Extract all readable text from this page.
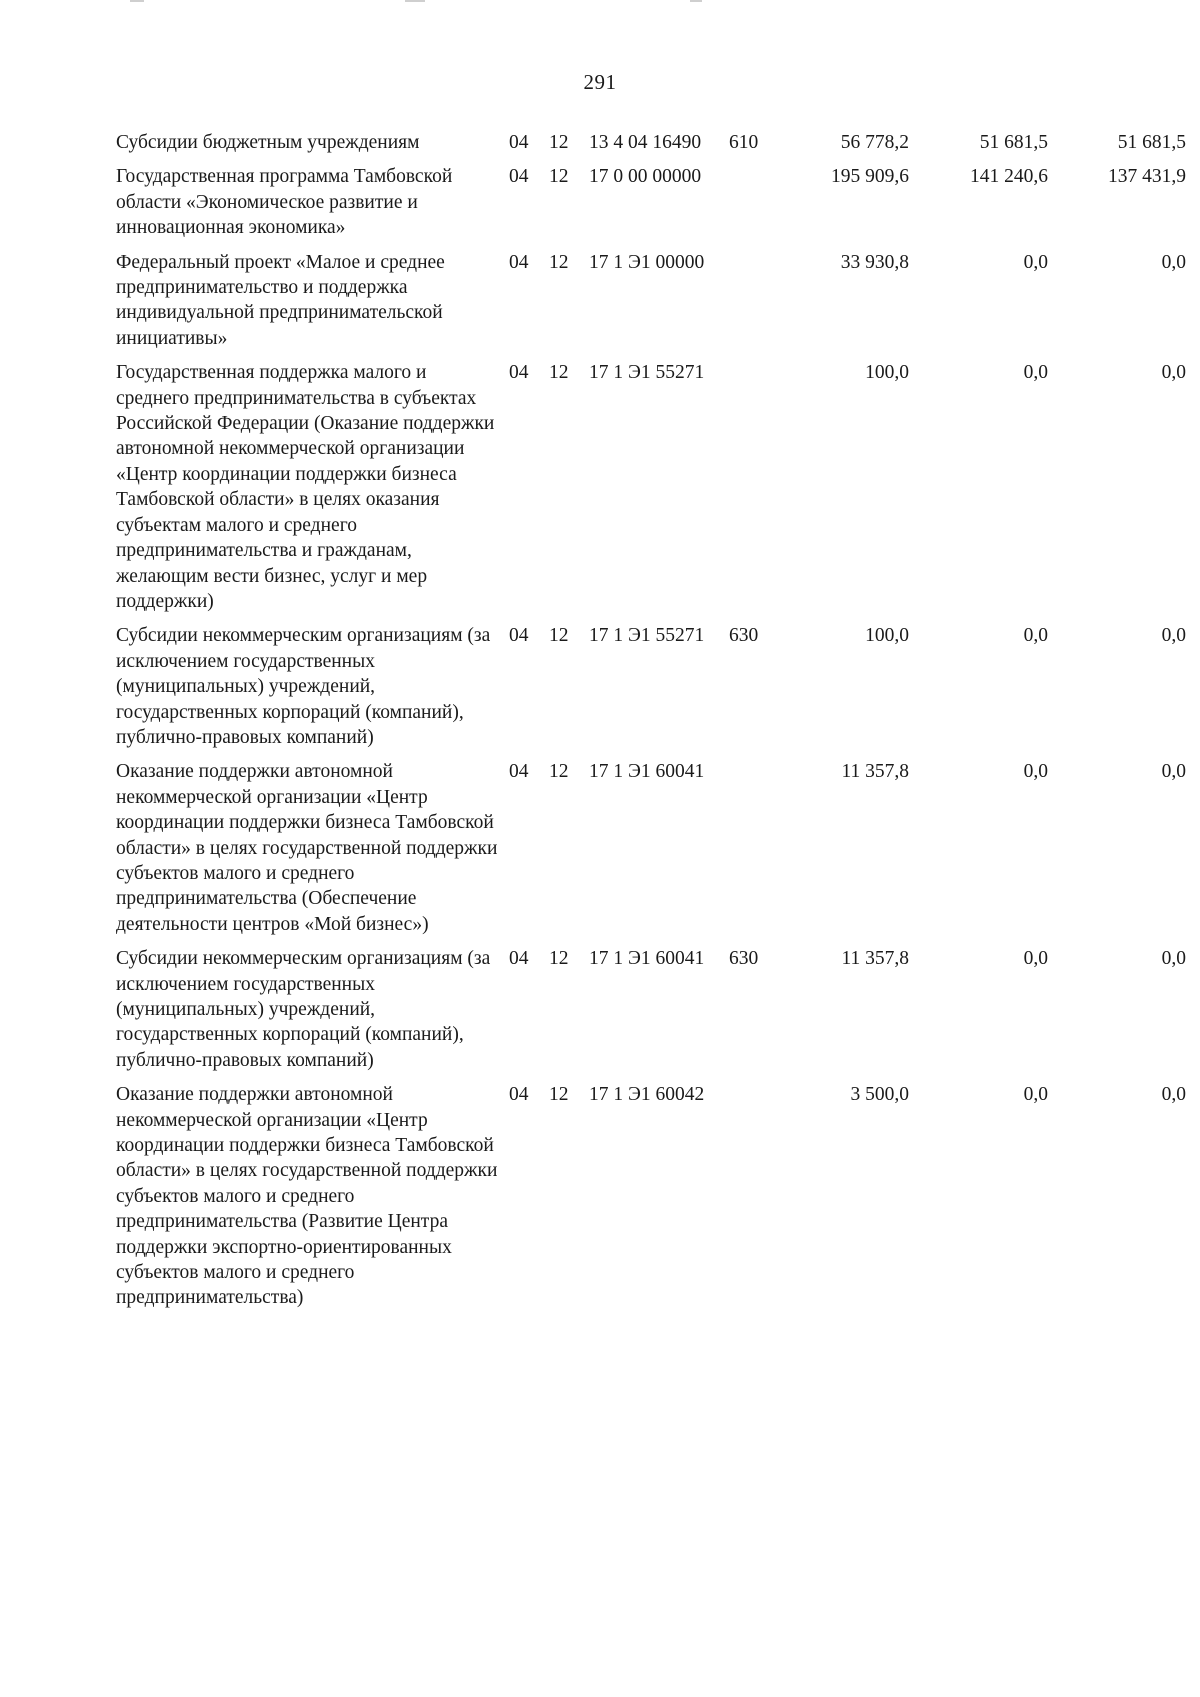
291
Субсидии бюджетным учреждениям	04	12	13 4 04 16490	610	56 778,2	51 681,5	51 681,5
Государственная программа Тамбовской области «Экономическое развитие и инновационная экономика»	04	12	17 0 00 00000		195 909,6	141 240,6	137 431,9
Федеральный проект «Малое и среднее предпринимательство и поддержка индивидуальной предпринимательской инициативы»	04	12	17 1 Э1 00000		33 930,8	0,0	0,0
Государственная поддержка малого и среднего предпринимательства в субъектах Российской Федерации (Оказание поддержки автономной некоммерческой организации «Центр координации поддержки бизнеса Тамбовской области» в целях оказания субъектам малого и среднего предпринимательства и гражданам, желающим вести бизнес, услуг и мер поддержки)	04	12	17 1 Э1 55271		100,0	0,0	0,0
Субсидии некоммерческим организациям (за исключением государственных (муниципальных) учреждений, государственных корпораций (компаний), публично-правовых компаний)	04	12	17 1 Э1 55271	630	100,0	0,0	0,0
Оказание поддержки автономной некоммерческой организации «Центр координации поддержки бизнеса Тамбовской области» в целях государственной поддержки субъектов малого и среднего предпринимательства (Обеспечение деятельности центров «Мой бизнес»)	04	12	17 1 Э1 60041		11 357,8	0,0	0,0
Субсидии некоммерческим организациям (за исключением государственных (муниципальных) учреждений, государственных корпораций (компаний), публично-правовых компаний)	04	12	17 1 Э1 60041	630	11 357,8	0,0	0,0
Оказание поддержки автономной некоммерческой организации «Центр координации поддержки бизнеса Тамбовской области» в целях государственной поддержки субъектов малого и среднего предпринимательства (Развитие Центра поддержки экспортно-ориентированных субъектов малого и среднего предпринимательства)	04	12	17 1 Э1 60042		3 500,0	0,0	0,0
